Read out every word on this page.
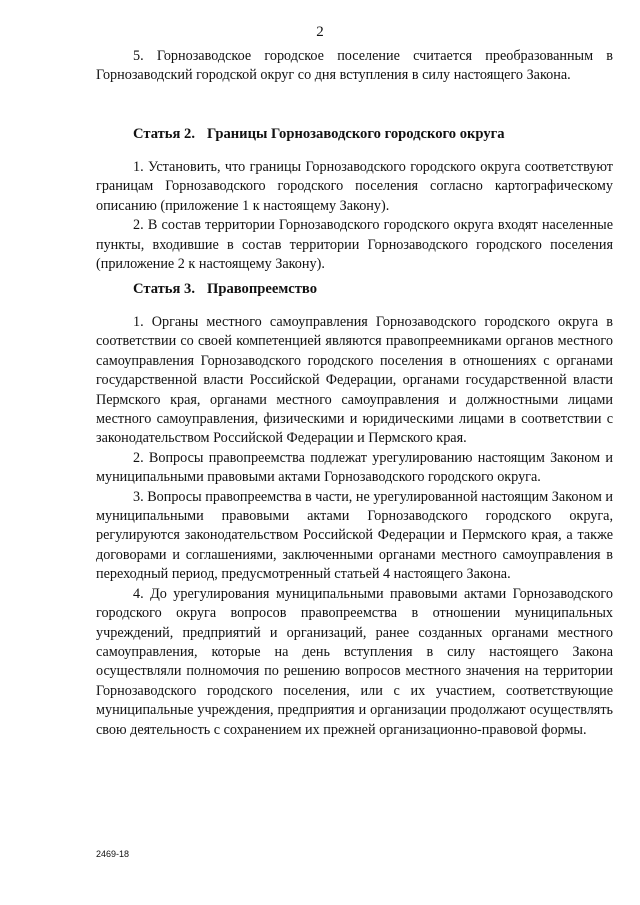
2

5. Горнозаводское городское поселение считается преобразованным в Горнозаводский городской округ со дня вступления в силу настоящего Закона.

Статья 2. Границы Горнозаводского городского округа

1. Установить, что границы Горнозаводского городского округа соответствуют границам Горнозаводского городского поселения согласно картографическому описанию (приложение 1 к настоящему Закону).

2. В состав территории Горнозаводского городского округа входят населенные пункты, входившие в состав территории Горнозаводского городского поселения (приложение 2 к настоящему Закону).

Статья 3. Правопреемство

1. Органы местного самоуправления Горнозаводского городского округа в соответствии со своей компетенцией являются правопреемниками органов местного самоуправления Горнозаводского городского поселения в отношениях с органами государственной власти Российской Федерации, органами государственной власти Пермского края, органами местного самоуправления и должностными лицами местного самоуправления, физическими и юридическими лицами в соответствии с законодательством Российской Федерации и Пермского края.

2. Вопросы правопреемства подлежат урегулированию настоящим Законом и муниципальными правовыми актами Горнозаводского городского округа.

3. Вопросы правопреемства в части, не урегулированной настоящим Законом и муниципальными правовыми актами Горнозаводского городского округа, регулируются законодательством Российской Федерации и Пермского края, а также договорами и соглашениями, заключенными органами местного самоуправления в переходный период, предусмотренный статьей 4 настоящего Закона.

4. До урегулирования муниципальными правовыми актами Горнозаводского городского округа вопросов правопреемства в отношении муниципальных учреждений, предприятий и организаций, ранее созданных органами местного самоуправления, которые на день вступления в силу настоящего Закона осуществляли полномочия по решению вопросов местного значения на территории Горнозаводского городского поселения, или с их участием, соответствующие муниципальные учреждения, предприятия и организации продолжают осуществлять свою деятельность с сохранением их прежней организационно-правовой формы.

2469-18
